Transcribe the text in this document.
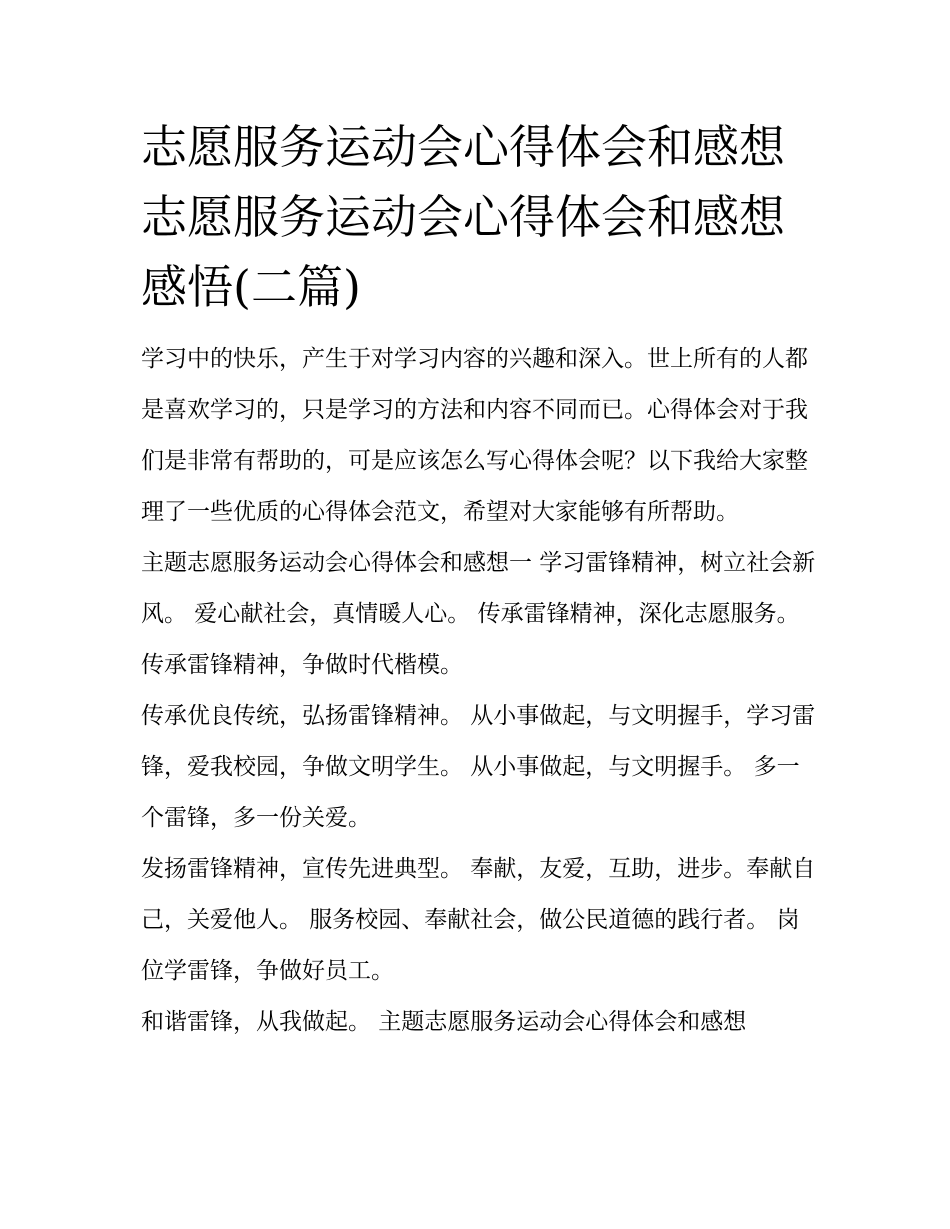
志愿服务运动会心得体会和感想 志愿服务运动会心得体会和感想感悟(二篇)

学习中的快乐，产生于对学习内容的兴趣和深入。世上所有的人都是喜欢学习的，只是学习的方法和内容不同而已。心得体会对于我们是非常有帮助的，可是应该怎么写心得体会呢？以下我给大家整理了一些优质的心得体会范文，希望对大家能够有所帮助。

主题志愿服务运动会心得体会和感想一 学习雷锋精神，树立社会新风。 爱心献社会，真情暖人心。 传承雷锋精神，深化志愿服务。 传承雷锋精神，争做时代楷模。

传承优良传统，弘扬雷锋精神。 从小事做起，与文明握手，学习雷锋，爱我校园，争做文明学生。 从小事做起，与文明握手。 多一个雷锋，多一份关爱。

发扬雷锋精神，宣传先进典型。 奉献，友爱，互助，进步。奉献自己，关爱他人。 服务校园、奉献社会，做公民道德的践行者。 岗位学雷锋，争做好员工。

和谐雷锋，从我做起。 主题志愿服务运动会心得体会和感想
